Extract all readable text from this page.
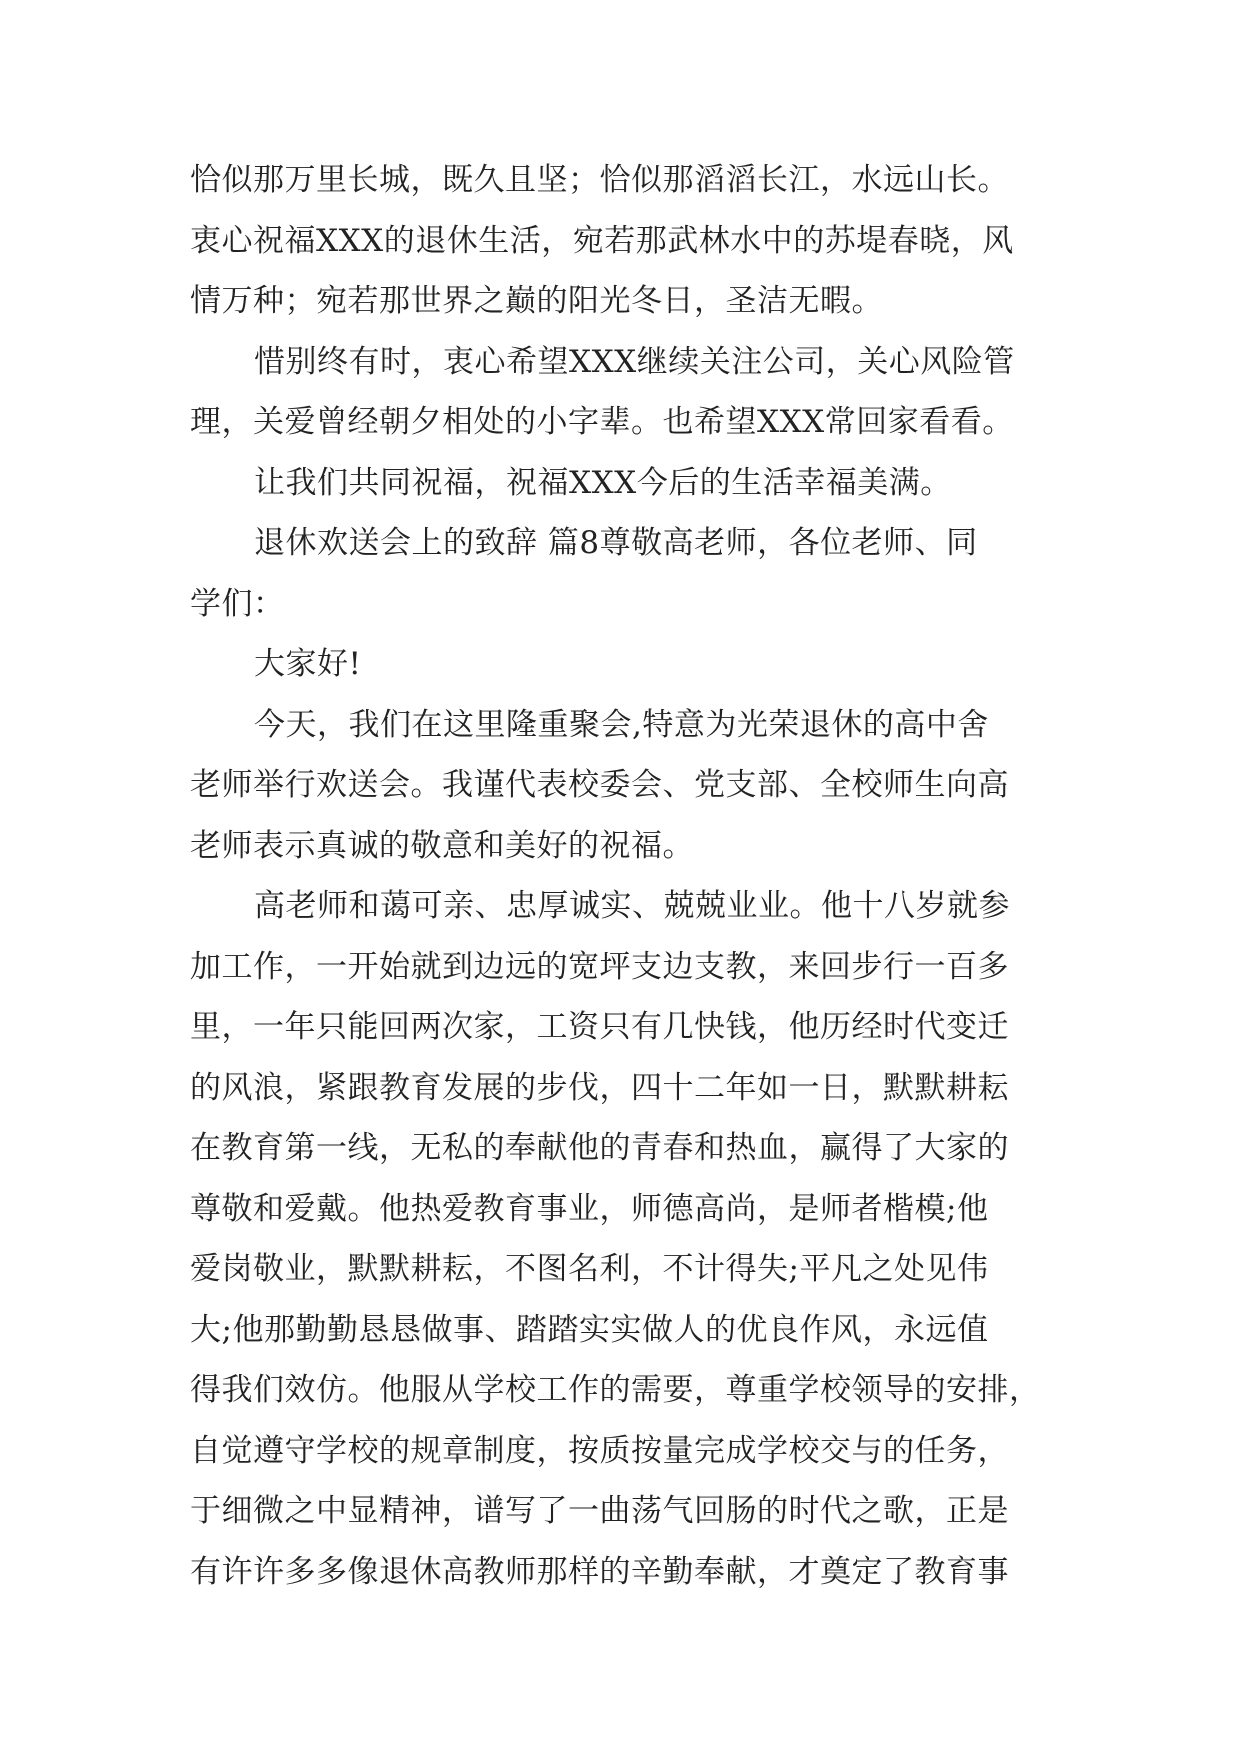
恰似那万里长城，既久且坚；恰似那滔滔长江，水远山长。
衷心祝福XXX的退休生活，宛若那武林水中的苏堤春晓，风
情万种；宛若那世界之巅的阳光冬日，圣洁无暇。
惜别终有时，衷心希望XXX继续关注公司，关心风险管
理，关爱曾经朝夕相处的小字辈。也希望XXX常回家看看。
让我们共同祝福，祝福XXX今后的生活幸福美满。
退休欢送会上的致辞 篇8尊敬高老师，各位老师、同
学们：
大家好!
今天，我们在这里隆重聚会,特意为光荣退休的高中舍
老师举行欢送会。我谨代表校委会、党支部、全校师生向高
老师表示真诚的敬意和美好的祝福。
高老师和蔼可亲、忠厚诚实、兢兢业业。他十八岁就参
加工作，一开始就到边远的宽坪支边支教，来回步行一百多
里，一年只能回两次家，工资只有几快钱，他历经时代变迁
的风浪，紧跟教育发展的步伐，四十二年如一日，默默耕耘
在教育第一线，无私的奉献他的青春和热血，赢得了大家的
尊敬和爱戴。他热爱教育事业，师德高尚，是师者楷模;他
爱岗敬业，默默耕耘，不图名利，不计得失;平凡之处见伟
大;他那勤勤恳恳做事、踏踏实实做人的优良作风，永远值
得我们效仿。他服从学校工作的需要，尊重学校领导的安排，
自觉遵守学校的规章制度，按质按量完成学校交与的任务，
于细微之中显精神，谱写了一曲荡气回肠的时代之歌，正是
有许许多多像退休高教师那样的辛勤奉献，才奠定了教育事
